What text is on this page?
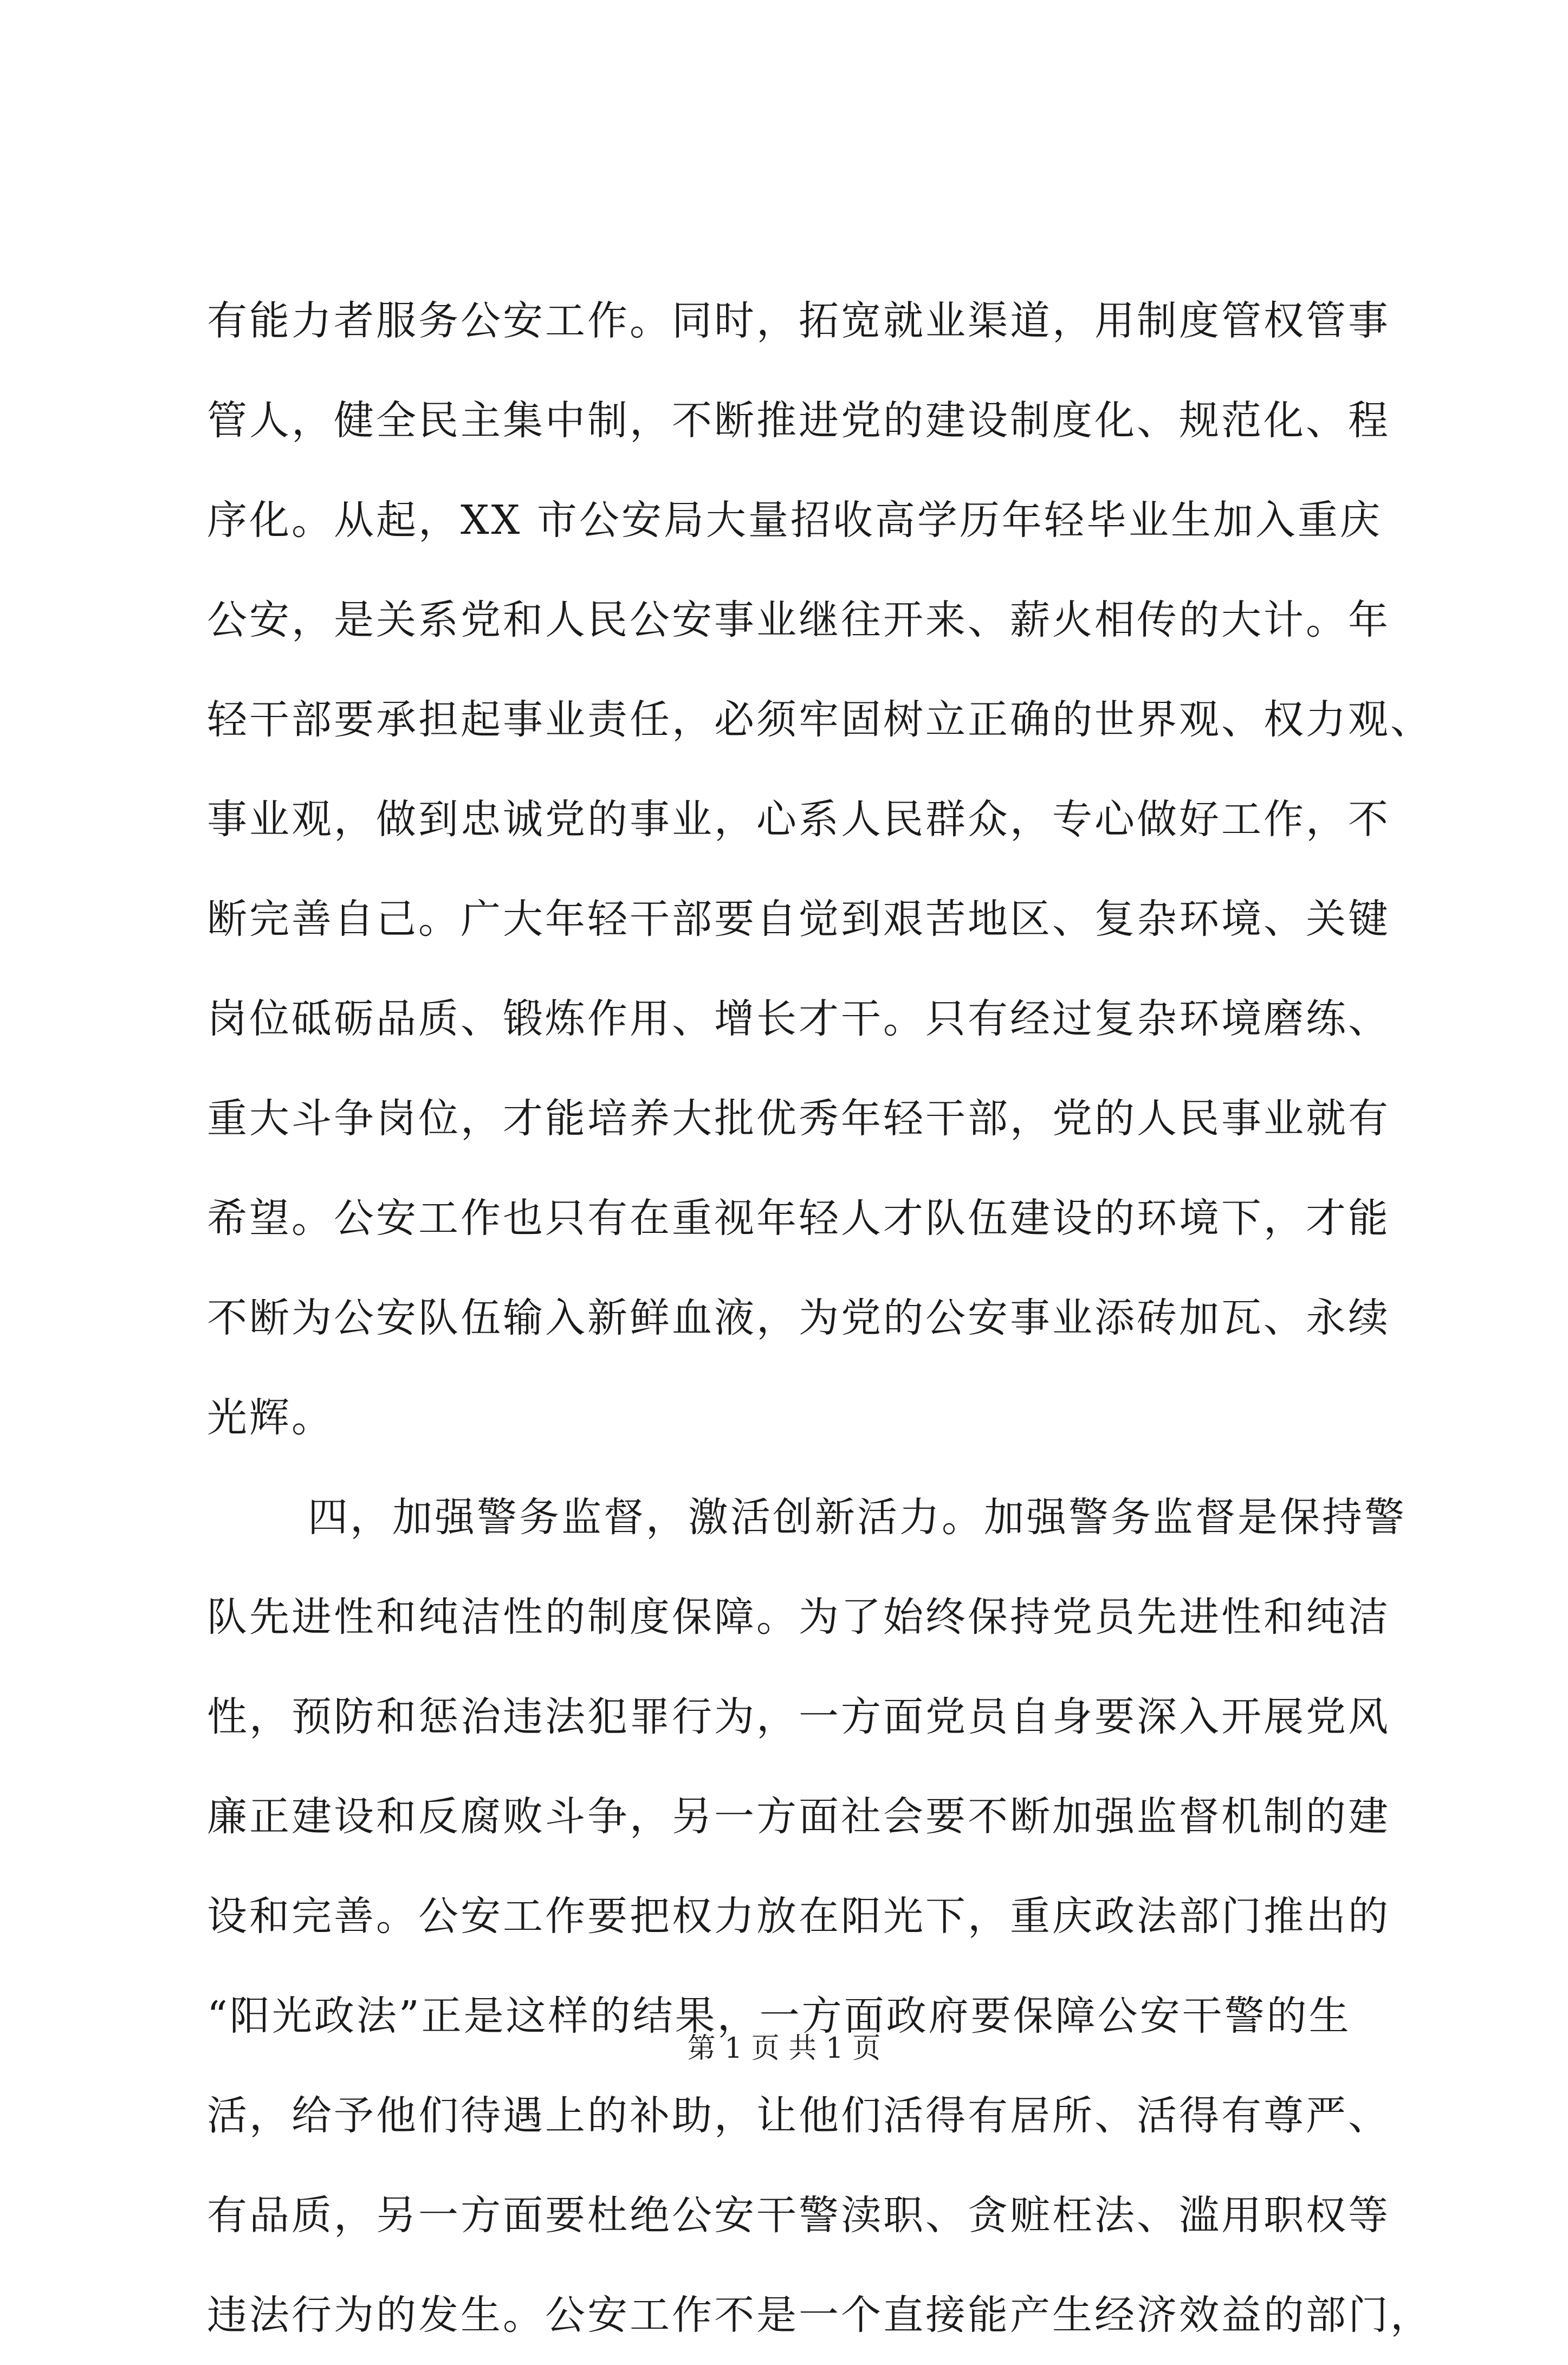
有能力者服务公安工作。同时，拓宽就业渠道，用制度管权管事
管人，健全民主集中制，不断推进党的建设制度化、规范化、程
序化。从起，XX 市公安局大量招收高学历年轻毕业生加入重庆
公安，是关系党和人民公安事业继往开来、薪火相传的大计。年
轻干部要承担起事业责任，必须牢固树立正确的世界观、权力观、
事业观，做到忠诚党的事业，心系人民群众，专心做好工作，不
断完善自己。广大年轻干部要自觉到艰苦地区、复杂环境、关键
岗位砥砺品质、锻炼作用、增长才干。只有经过复杂环境磨练、
重大斗争岗位，才能培养大批优秀年轻干部，党的人民事业就有
希望。公安工作也只有在重视年轻人才队伍建设的环境下，才能
不断为公安队伍输入新鲜血液，为党的公安事业添砖加瓦、永续
光辉。
四，加强警务监督，激活创新活力。加强警务监督是保持警
队先进性和纯洁性的制度保障。为了始终保持党员先进性和纯洁
性，预防和惩治违法犯罪行为，一方面党员自身要深入开展党风
廉正建设和反腐败斗争，另一方面社会要不断加强监督机制的建
设和完善。公安工作要把权力放在阳光下，重庆政法部门推出的
“阳光政法”正是这样的结果，一方面政府要保障公安干警的生
活，给予他们待遇上的补助，让他们活得有居所、活得有尊严、
有品质，另一方面要杜绝公安干警渎职、贪赃枉法、滥用职权等
违法行为的发生。公安工作不是一个直接能产生经济效益的部门，
第 1 页 共 1 页
